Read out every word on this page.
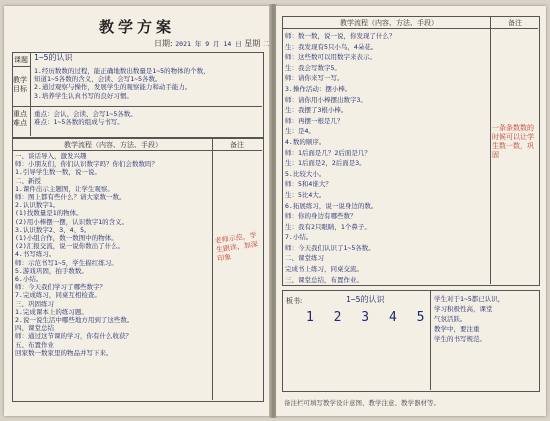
教学方案
日期: 2021 年 9 月 14 日 星期 二
课题 1~5的认识
教学目标
1.经历数数的过程，能正确地数出数量是1~5的物体的个数，
知道1~5各数的含义，会读、会写1~5各数。
2.通过观察与操作，发展学生的观察能力和动手能力。
3.培养学生认真书写的良好习惯。
重点难点
重点：会认、会读、会写1~5各数。
难点：1~5各数的组成与书写。
教学流程（内容、方法、手段）	备注
一、谈话导入，激发兴趣
师：小朋友们，你们认识数字吗？你们会数数吗？
1.引导学生数一数，说一说。
二、新授
1.课件出示主题图，让学生观察。
师：图上都有些什么？请大家数一数。
2.认识数字1。
(1)找数量是1的物体。
(2)用小棒摆一摆，认识数字1的含义。
3.认识数字2、3、4、5。
(1)小组合作，数一数图中的物体。
(2)汇报交流，说一说你数出了什么。
4.书写练习。
师：示范书写1~5，学生描红练习。
5.游戏巩固，拍手数数。
6.小结。
师：今天我们学习了哪些数字？
7.完成练习，同桌互相检查。
三、巩固练习
1.完成课本上的练习题。
2.说一说生活中哪些地方用到了这些数。
四、课堂总结
师：通过这节课的学习，你有什么收获？
五、布置作业
回家数一数家里的物品并写下来。
老师示范，学生跟读，加深印象
教学流程（内容、方法、手段）	备注
师：数一数，说一说，你发现了什么？
生：我发现有5只小鸟，4朵花。
师：这些数可以用数字来表示。
生：我会写数字5。
师：请你来写一写。
3.操作活动：摆小棒。
师：请你用小棒摆出数字3。
生：我摆了3根小棒。
师：再摆一根是几？
生：是4。
4.数的顺序。
师：1后面是几？2后面是几？
生：1后面是2，2后面是3。
5.比较大小。
师：5和4谁大？
生：5比4大。
6.拓展练习，说一说身边的数。
师：你的身边有哪些数？
生：我有2只眼睛，1个鼻子。
7.小结。
师：今天我们认识了1~5各数。
二、课堂练习
完成书上练习，同桌交流。
三、课堂总结，布置作业。
一条条数数的时候可以让学生数一数，巩固
板书:	1~5的认识
1 2 3 4 5
学生对于1~5都已认识，
学习积极性高，课堂
气氛活跃。
教学中，要注重
学生的书写规范。
备注栏可填写教学设计意图、教学注意、教学器材等。
